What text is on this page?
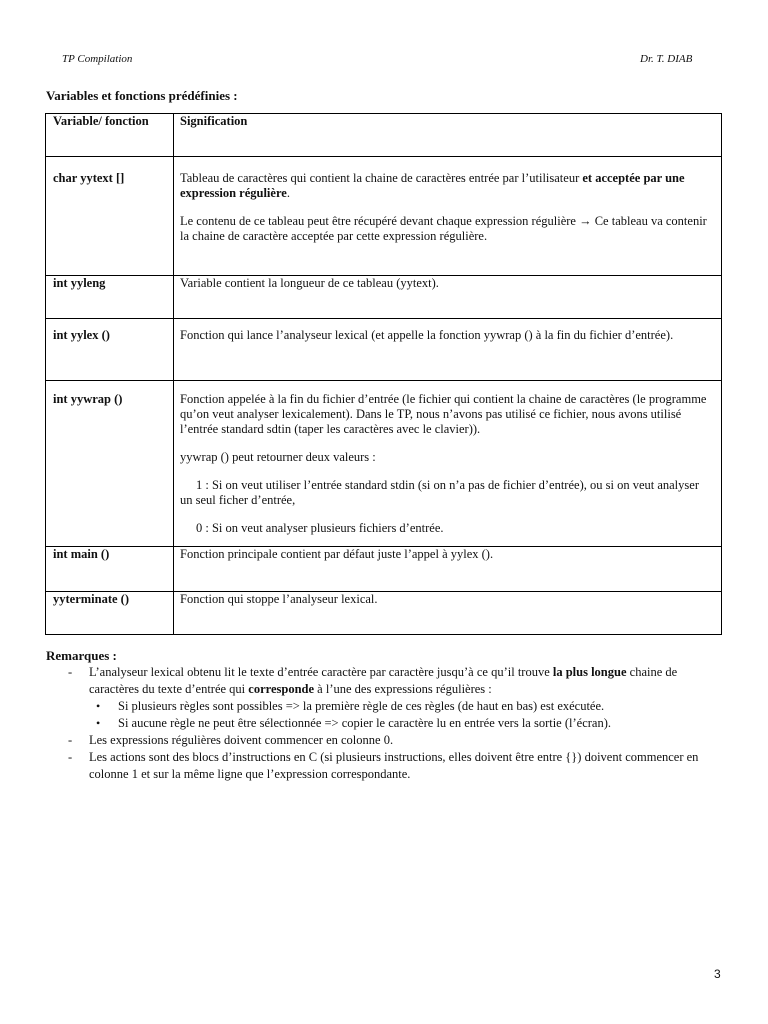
TP Compilation	Dr. T. DIAB
Variables et fonctions prédéfinies :
Variable/ fonction	Signification
char yytext []	Tableau de caractères qui contient la chaine de caractères entrée par l’utilisateur et acceptée par une expression régulière.

Le contenu de ce tableau peut être récupéré devant chaque expression régulière → Ce tableau va contenir la chaine de caractère acceptée par cette expression régulière.

int yyleng	Variable contient la longueur de ce tableau (yytext).
int yylex ()	Fonction qui lance l’analyseur lexical (et appelle la fonction yywrap () à la fin du fichier d’entrée).
int yywrap ()	Fonction appelée à la fin du fichier d’entrée (le fichier qui contient la chaine de caractères (le programme qu’on veut analyser lexicalement). Dans le TP, nous n’avons pas utilisé ce fichier, nous avons utilisé l’entrée standard sdtin (taper les caractères avec le clavier)).

yywrap () peut retourner deux valeurs :

1 : Si on veut utiliser l’entrée standard stdin (si on n’a pas de fichier d’entrée), ou si on veut analyser un seul ficher d’entrée,

0 : Si on veut analyser plusieurs fichiers d’entrée.

int main ()	Fonction principale contient par défaut juste l’appel à yylex ().
yyterminate ()	Fonction qui stoppe l’analyseur lexical.
Remarques :
- L’analyseur lexical obtenu lit le texte d’entrée caractère par caractère jusqu’à ce qu’il trouve la plus longue chaine de caractères du texte d’entrée qui corresponde à l’une des expressions régulières :
• Si plusieurs règles sont possibles => la première règle de ces règles (de haut en bas) est exécutée.
• Si aucune règle ne peut être sélectionnée => copier le caractère lu en entrée vers la sortie (l’écran).
- Les expressions régulières doivent commencer en colonne 0.
- Les actions sont des blocs d’instructions en C (si plusieurs instructions, elles doivent être entre {}) doivent commencer en colonne 1 et sur la même ligne que l’expression correspondante.
3
